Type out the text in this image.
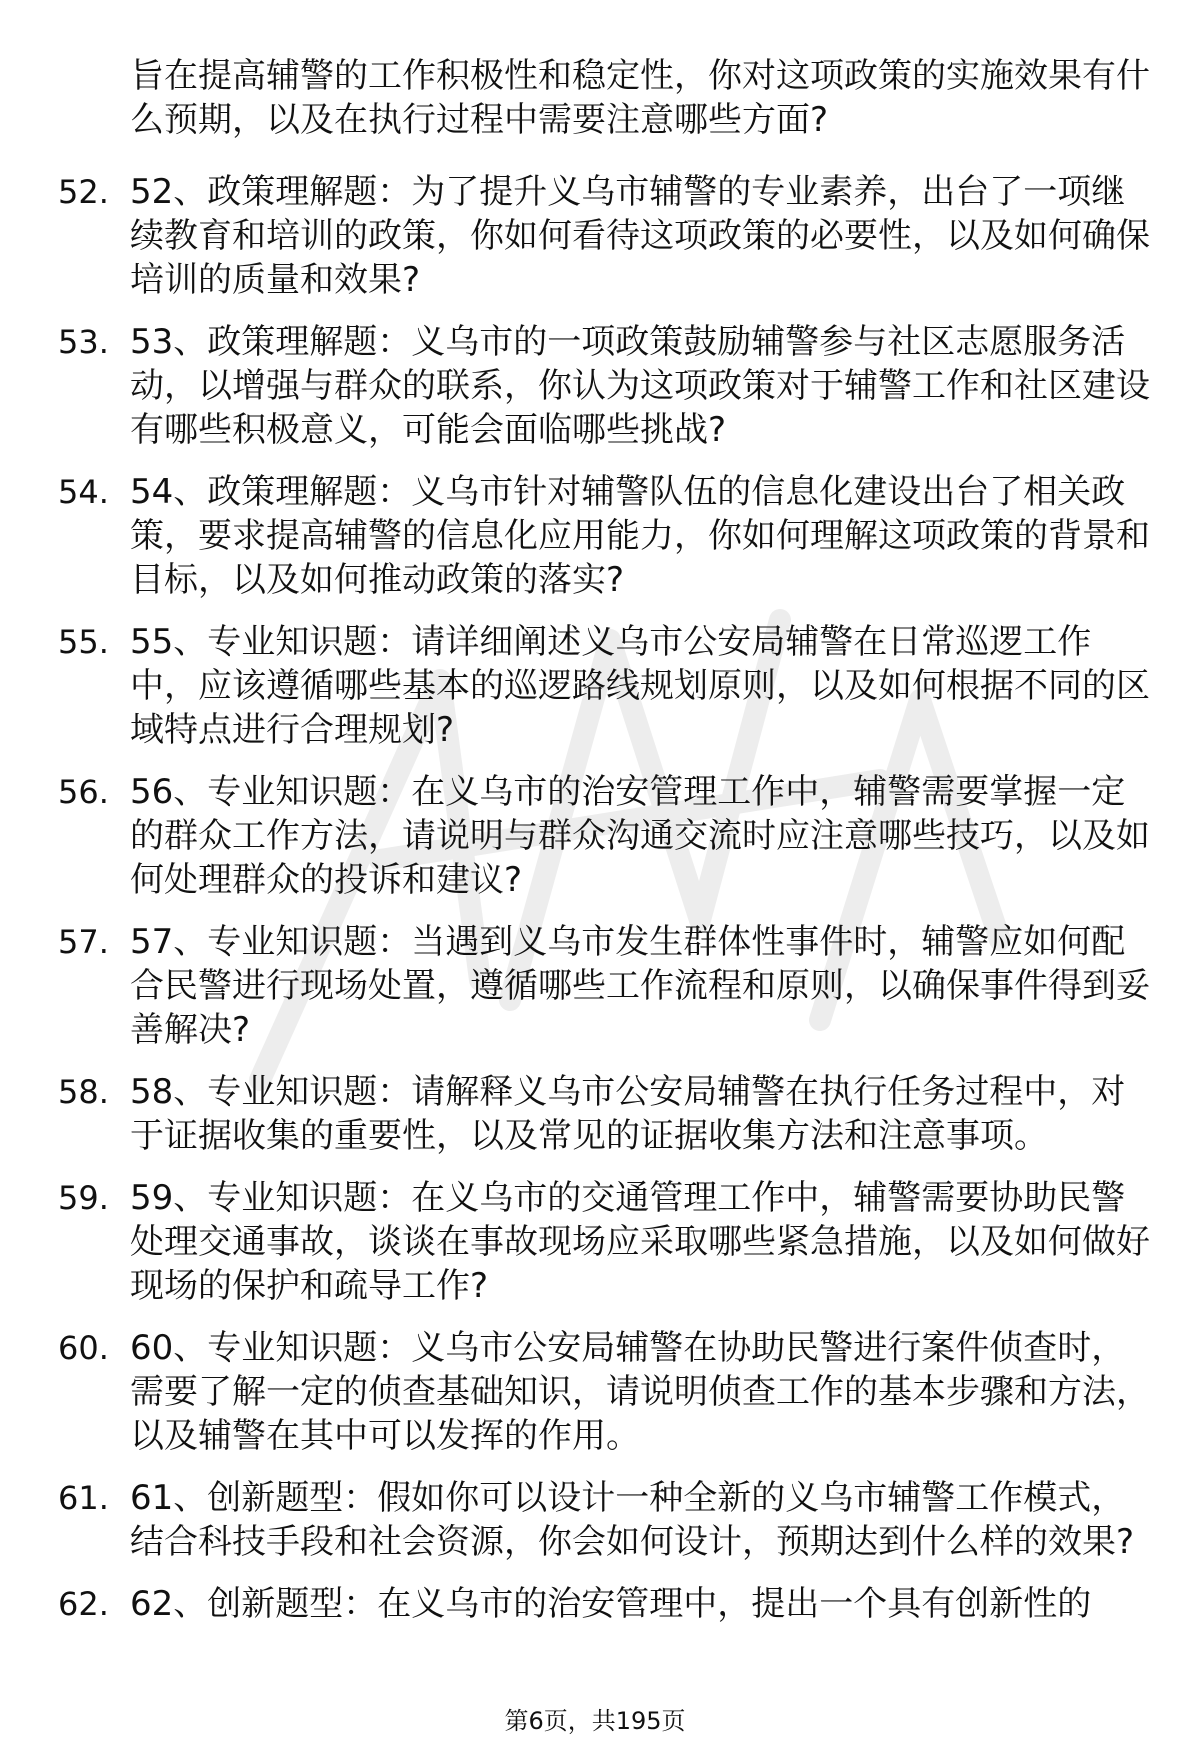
旨在提高辅警的工作积极性和稳定性，你对这项政策的实施效果有什么预期，以及在执行过程中需要注意哪些方面?

52. 52、政策理解题：为了提升义乌市辅警的专业素养，出台了一项继续教育和培训的政策，你如何看待这项政策的必要性，以及如何确保培训的质量和效果?
53. 53、政策理解题：义乌市的一项政策鼓励辅警参与社区志愿服务活动，以增强与群众的联系，你认为这项政策对于辅警工作和社区建设有哪些积极意义，可能会面临哪些挑战?
54. 54、政策理解题：义乌市针对辅警队伍的信息化建设出台了相关政策，要求提高辅警的信息化应用能力，你如何理解这项政策的背景和目标，以及如何推动政策的落实?
55. 55、专业知识题：请详细阐述义乌市公安局辅警在日常巡逻工作中，应该遵循哪些基本的巡逻路线规划原则，以及如何根据不同的区域特点进行合理规划?
56. 56、专业知识题：在义乌市的治安管理工作中，辅警需要掌握一定的群众工作方法，请说明与群众沟通交流时应注意哪些技巧，以及如何处理群众的投诉和建议?
57. 57、专业知识题：当遇到义乌市发生群体性事件时，辅警应如何配合民警进行现场处置，遵循哪些工作流程和原则，以确保事件得到妥善解决?
58. 58、专业知识题：请解释义乌市公安局辅警在执行任务过程中，对于证据收集的重要性，以及常见的证据收集方法和注意事项。
59. 59、专业知识题：在义乌市的交通管理工作中，辅警需要协助民警处理交通事故，谈谈在事故现场应采取哪些紧急措施，以及如何做好现场的保护和疏导工作?
60. 60、专业知识题：义乌市公安局辅警在协助民警进行案件侦查时，需要了解一定的侦查基础知识，请说明侦查工作的基本步骤和方法，以及辅警在其中可以发挥的作用。
61. 61、创新题型：假如你可以设计一种全新的义乌市辅警工作模式，结合科技手段和社会资源，你会如何设计，预期达到什么样的效果?
62. 62、创新题型：在义乌市的治安管理中，提出一个具有创新性的
第6页，共195页
